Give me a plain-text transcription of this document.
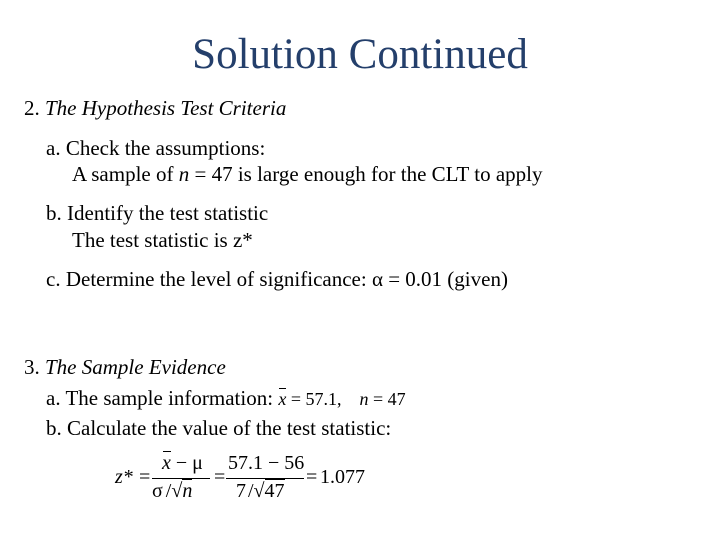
Solution Continued
2. The Hypothesis Test Criteria
a. Check the assumptions:
A sample of n = 47 is large enough for the CLT to apply
b. Identify the test statistic
The test statistic is z*
c. Determine the level of significance: α = 0.01 (given)
3. The Sample Evidence
a. The sample information: x = 57.1, n = 47
b. Calculate the value of the test statistic:
z* =
x − μ
σ /√n
=
57.1 − 56
7 /√47
= 1.077
